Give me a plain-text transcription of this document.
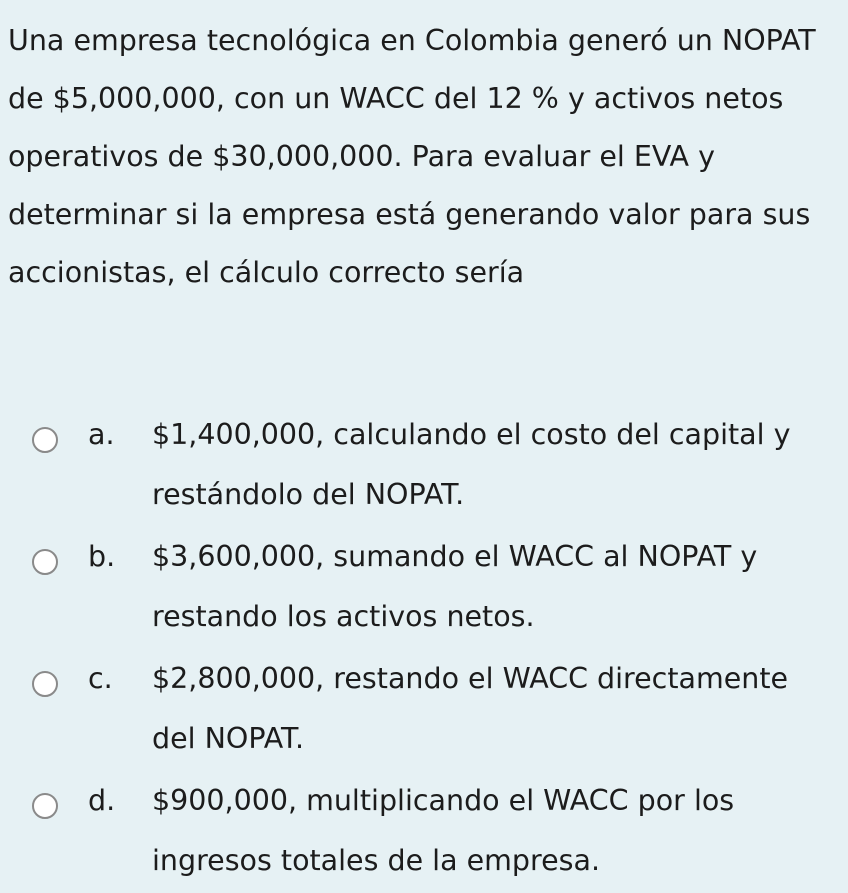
Una empresa tecnológica en Colombia generó un NOPAT de $5,000,000, con un WACC del 12 % y activos netos operativos de $30,000,000. Para evaluar el EVA y determinar si la empresa está generando valor para sus accionistas, el cálculo correcto sería

a. $1,400,000, calculando el costo del capital y restándolo del NOPAT.
b. $3,600,000, sumando el WACC al NOPAT y restando los activos netos.
c. $2,800,000, restando el WACC directamente del NOPAT.
d. $900,000, multiplicando el WACC por los ingresos totales de la empresa.
